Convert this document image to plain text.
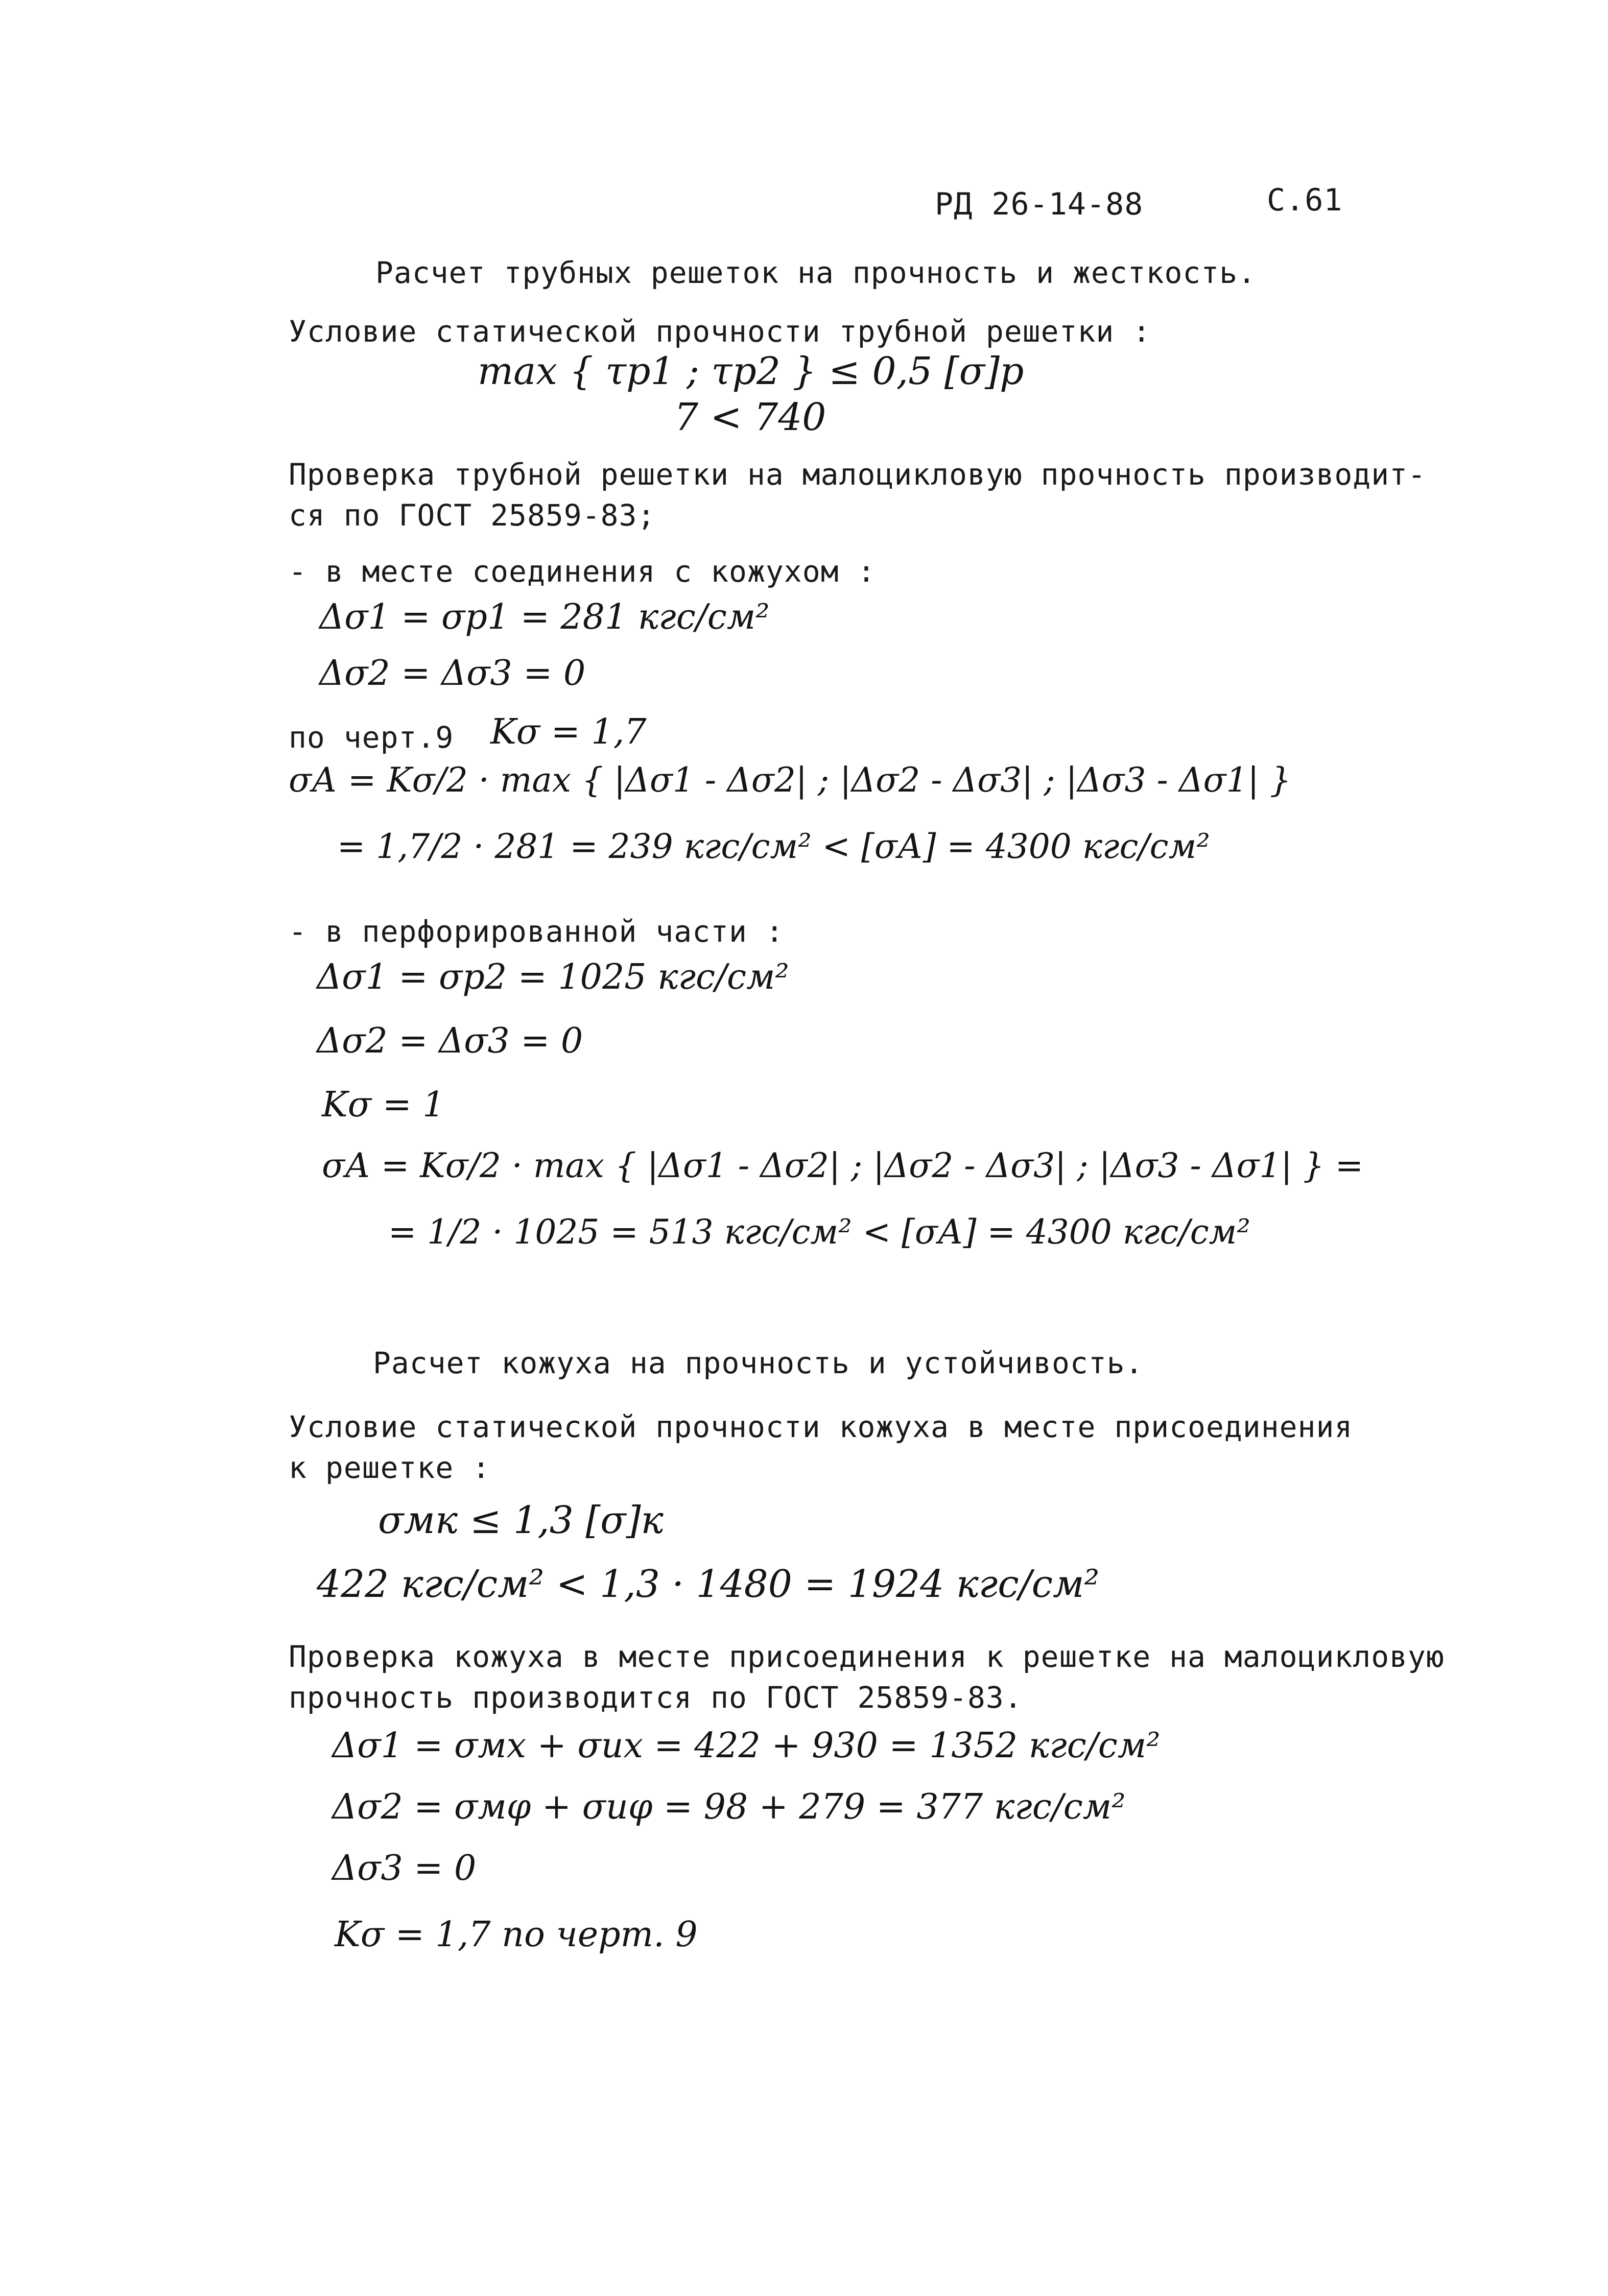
РД 26-14-88	С.61
Расчет трубных решеток на прочность и жесткость.
Условие статической прочности трубной решетки :
max { τр1 ; τр2 } ≤ 0,5 [σ]р
7 < 740
Проверка трубной решетки на малоцикловую прочность производит-
ся по ГОСТ 25859-83;
- в месте соединения с кожухом :
Δσ1 = σр1 = 281 кгс/см²
Δσ2 = Δσ3 = 0
по черт.9 Kσ = 1,7
σА = Kσ/2 · max { |Δσ1 - Δσ2| ; |Δσ2 - Δσ3| ; |Δσ3 - Δσ1| }
= 1,7/2 · 281 = 239 кгс/см² < [σА] = 4300 кгс/см²
- в перфорированной части :
Δσ1 = σр2 = 1025 кгс/см²
Δσ2 = Δσ3 = 0
Kσ = 1
σА = Kσ/2 · max { |Δσ1 - Δσ2| ; |Δσ2 - Δσ3| ; |Δσ3 - Δσ1| } =
= 1/2 · 1025 = 513 кгс/см² < [σА] = 4300 кгс/см²
Расчет кожуха на прочность и устойчивость.
Условие статической прочности кожуха в месте присоединения
к решетке :
σмк ≤ 1,3 [σ]к
422 кгс/см² < 1,3 · 1480 = 1924 кгс/см²
Проверка кожуха в месте присоединения к решетке на малоцикловую
прочность производится по ГОСТ 25859-83.
Δσ1 = σмх + σих = 422 + 930 = 1352 кгс/см²
Δσ2 = σмφ + σиφ = 98 + 279 = 377 кгс/см²
Δσ3 = 0
Kσ = 1,7 по черт. 9
